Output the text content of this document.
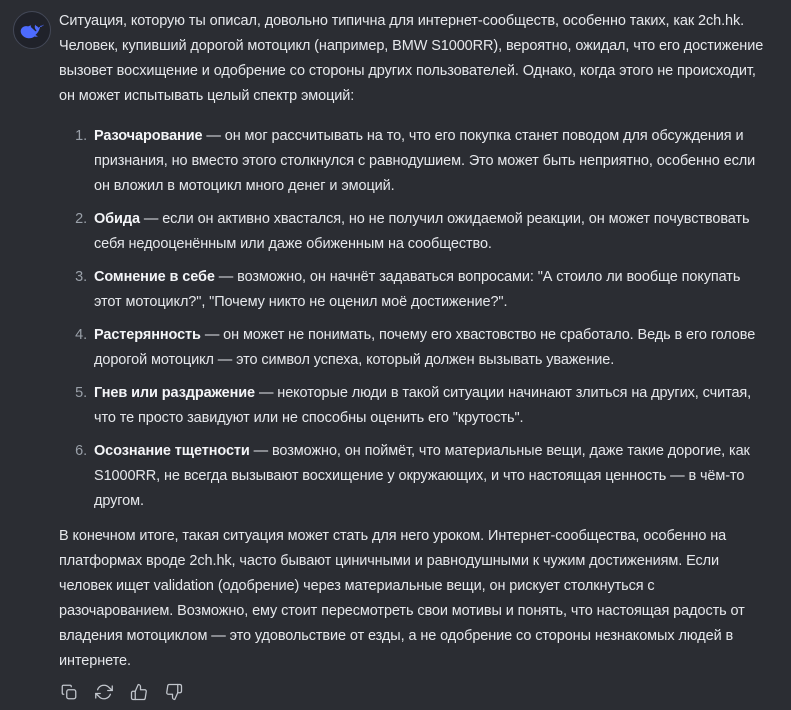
Ситуация, которую ты описал, довольно типична для интернет-сообществ, особенно таких, как 2ch.hk. Человек, купивший дорогой мотоцикл (например, BMW S1000RR), вероятно, ожидал, что его достижение вызовет восхищение и одобрение со стороны других пользователей. Однако, когда этого не происходит, он может испытывать целый спектр эмоций:

1. Разочарование — он мог рассчитывать на то, что его покупка станет поводом для обсуждения и признания, но вместо этого столкнулся с равнодушием. Это может быть неприятно, особенно если он вложил в мотоцикл много денег и эмоций.
2. Обида — если он активно хвастался, но не получил ожидаемой реакции, он может почувствовать себя недооценённым или даже обиженным на сообщество.
3. Сомнение в себе — возможно, он начнёт задаваться вопросами: "А стоило ли вообще покупать этот мотоцикл?", "Почему никто не оценил моё достижение?".
4. Растерянность — он может не понимать, почему его хвастовство не сработало. Ведь в его голове дорогой мотоцикл — это символ успеха, который должен вызывать уважение.
5. Гнев или раздражение — некоторые люди в такой ситуации начинают злиться на других, считая, что те просто завидуют или не способны оценить его "крутость".
6. Осознание тщетности — возможно, он поймёт, что материальные вещи, даже такие дорогие, как S1000RR, не всегда вызывают восхищение у окружающих, и что настоящая ценность — в чём-то другом.

В конечном итоге, такая ситуация может стать для него уроком. Интернет-сообщества, особенно на платформах вроде 2ch.hk, часто бывают циничными и равнодушными к чужим достижениям. Если человек ищет validation (одобрение) через материальные вещи, он рискует столкнуться с разочарованием. Возможно, ему стоит пересмотреть свои мотивы и понять, что настоящая радость от владения мотоциклом — это удовольствие от езды, а не одобрение со стороны незнакомых людей в интернете.
